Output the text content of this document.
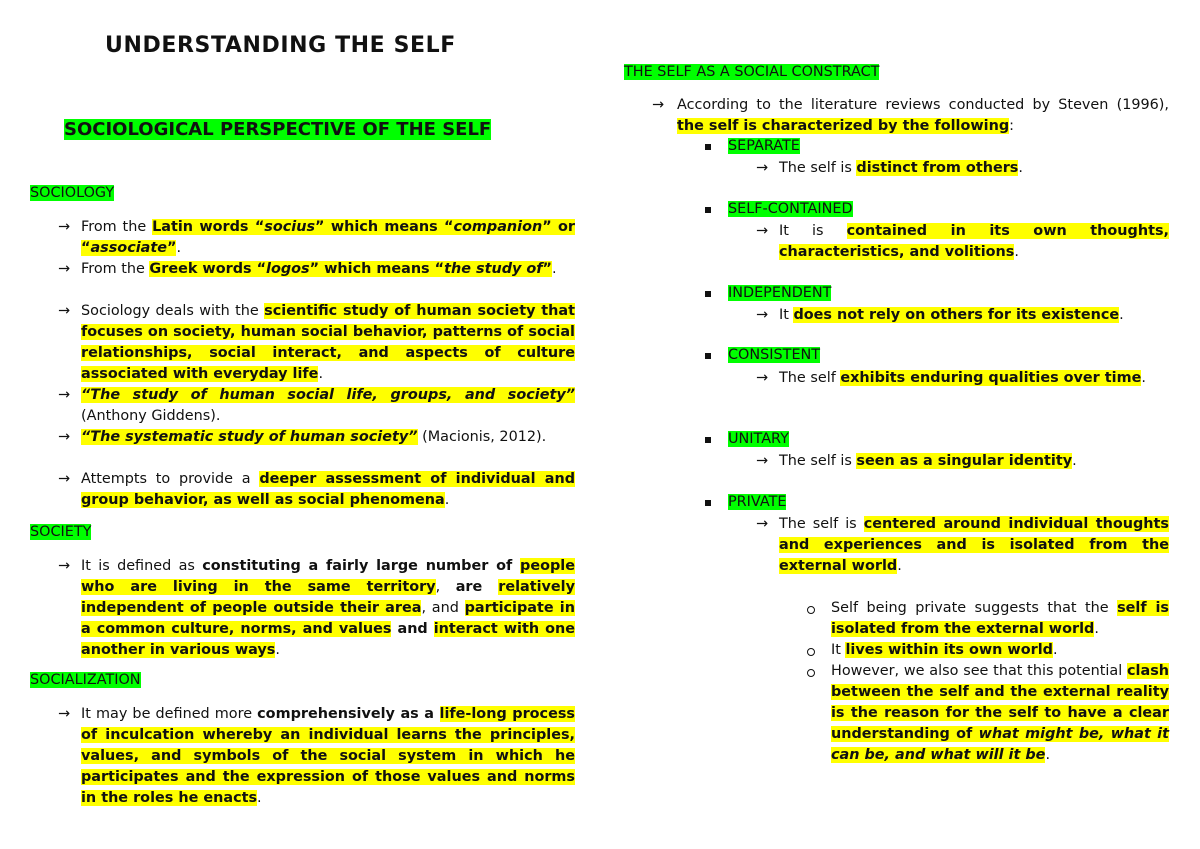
UNDERSTANDING THE SELF
SOCIOLOGICAL PERSPECTIVE OF THE SELF
SOCIOLOGY
→ From the Latin words “socius” which means “companion” or “associate”.
→ From the Greek words “logos” which means “the study of”.
→ Sociology deals with the scientific study of human society that focuses on society, human social behavior, patterns of social relationships, social interact, and aspects of culture associated with everyday life.
→ “The study of human social life, groups, and society” (Anthony Giddens).
→ “The systematic study of human society” (Macionis, 2012).
→ Attempts to provide a deeper assessment of individual and group behavior, as well as social phenomena.
SOCIETY
→ It is defined as constituting a fairly large number of people who are living in the same territory, are relatively independent of people outside their area, and participate in a common culture, norms, and values and interact with one another in various ways.
SOCIALIZATION
→ It may be defined more comprehensively as a life-long process of inculcation whereby an individual learns the principles, values, and symbols of the social system in which he participates and the expression of those values and norms in the roles he enacts.
THE SELF AS A SOCIAL CONSTRACT
→ According to the literature reviews conducted by Steven (1996), the self is characterized by the following:
SEPARATE
→ The self is distinct from others.
SELF-CONTAINED
→ It is contained in its own thoughts, characteristics, and volitions.
INDEPENDENT
→ It does not rely on others for its existence.
CONSISTENT
→ The self exhibits enduring qualities over time.
UNITARY
→ The self is seen as a singular identity.
PRIVATE
→ The self is centered around individual thoughts and experiences and is isolated from the external world.
Self being private suggests that the self is isolated from the external world.
It lives within its own world.
However, we also see that this potential clash between the self and the external reality is the reason for the self to have a clear understanding of what might be, what it can be, and what will it be.
